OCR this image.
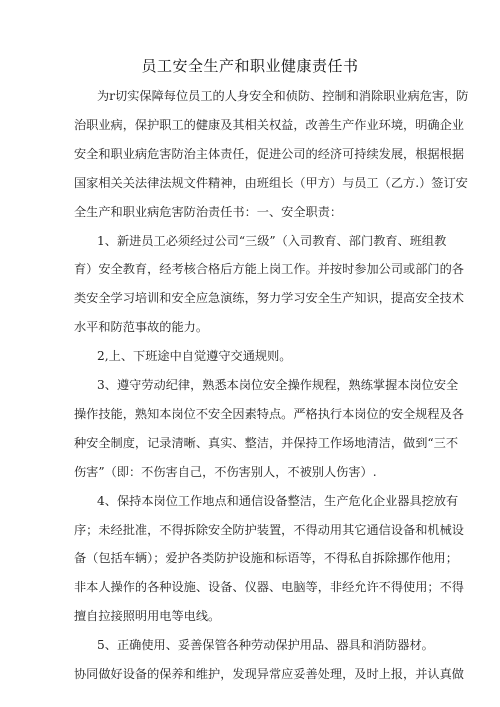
员工安全生产和职业健康责任书
为r切实保障每位员工的人身安全和侦防、控制和消除职业病危害，防
治职业病，保护职工的健康及其相关权益，改善生产作业环境，明确企业
安全和职业病危害防治主体责任，促进公司的经济可持续发展，根据根据
国家相关关法律法规文件精神，由班组长（甲方）与员工（乙方.）签订安
全生产和职业病危害防治责任书：一、安全职责：
1、新进员工必须经过公司“三级”（入司教育、部门教育、班组教
育）安全教育，经考核合格后方能上岗工作。并按时参加公司或部门的各
类安全学习培训和安全应急演练，努力学习安全生产知识，提高安全技术
水平和防范事故的能力。
2,上、下班途中自觉遵守交通规则。
3、遵守劳动纪律，熟悉本岗位安全操作规程，熟练掌握本岗位安全
操作技能，熟知本岗位不安全因素特点。严格执行本岗位的安全规程及各
种安全制度，记录清晰、真实、整洁，并保持工作场地清洁，做到“三不
伤害”（即：不伤害自己，不伤害别人，不被别人伤害）.
4、保持本岗位工作地点和通信设备整洁，生产危化企业器具挖放有
序；未经批准，不得拆除安全防护装置，不得动用其它通信设备和机械设
备（包括车辆）；爱护各类防护设施和标语等，不得私自拆除挪作他用；
非本人操作的各种设施、设备、仪器、电脑等，非经允许不得使用；不得
擅自拉接照明用电等电线。
5、正确使用、妥善保管各种劳动保护用品、器具和消防器材。
协同做好设备的保养和维护，发现异常应妥善处理，及时上报，并认真做
